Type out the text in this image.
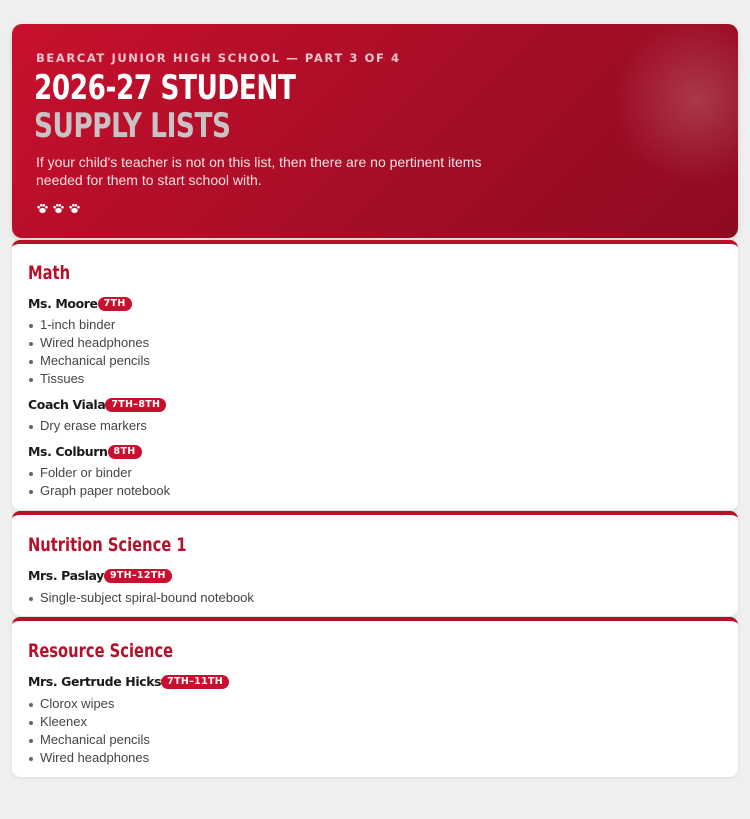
BEARCAT JUNIOR HIGH SCHOOL — PART 3 OF 4
2026-27 STUDENT
SUPPLY LISTS
If your child's teacher is not on this list, then there are no pertinent items needed for them to start school with.
Math
Ms. Moore 7TH
1-inch binder
Wired headphones
Mechanical pencils
Tissues
Coach Viala 7TH–8TH
Dry erase markers
Ms. Colburn 8TH
Folder or binder
Graph paper notebook
Nutrition Science 1
Mrs. Paslay 9TH–12TH
Single-subject spiral-bound notebook
Resource Science
Mrs. Gertrude Hicks 7TH–11TH
Clorox wipes
Kleenex
Mechanical pencils
Wired headphones
